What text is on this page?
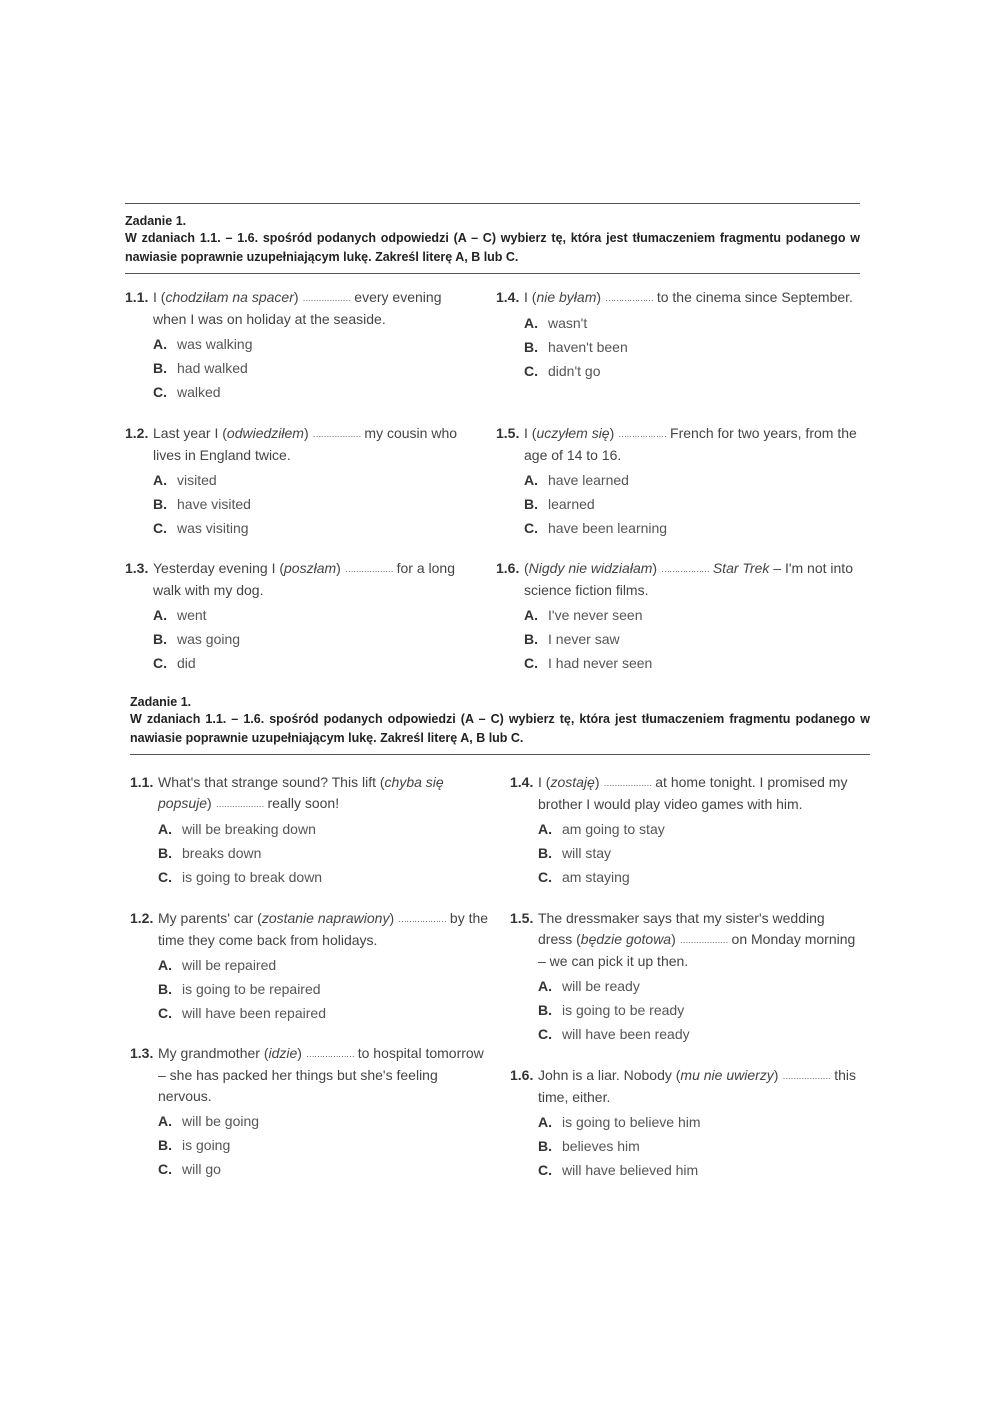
Zadanie 1.
W zdaniach 1.1. – 1.6. spośród podanych odpowiedzi (A – C) wybierz tę, która jest tłumaczeniem fragmentu podanego w nawiasie poprawnie uzupełniającym lukę. Zakreśl literę A, B lub C.
Zadanie 1.
W zdaniach 1.1. – 1.6. spośród podanych odpowiedzi (A – C) wybierz tę, która jest tłumaczeniem fragmentu podanego w nawiasie poprawnie uzupełniającym lukę. Zakreśl literę A, B lub C.
1.1. I (chodziłam na spacer) ……………… every evening when I was on holiday at the seaside.
A. was walking
B. had walked
C. walked
1.2. Last year I (odwiedziłem) ……………… my cousin who lives in England twice.
A. visited
B. have visited
C. was visiting
1.3. Yesterday evening I (poszłam) ……………… for a long walk with my dog.
A. went
B. was going
C. did
1.4. I (nie byłam) ……………… to the cinema since September.
A. wasn't
B. haven't been
C. didn't go
1.5. I (uczyłem się) ……………… French for two years, from the age of 14 to 16.
A. have learned
B. learned
C. have been learning
1.6. (Nigdy nie widziałam) ……………… Star Trek – I'm not into science fiction films.
A. I've never seen
B. I never saw
C. I had never seen
1.1. What's that strange sound? This lift (chyba się popsuje) ……………… really soon!
A. will be breaking down
B. breaks down
C. is going to break down
1.2. My parents' car (zostanie naprawiony) ……………… by the time they come back from holidays.
A. will be repaired
B. is going to be repaired
C. will have been repaired
1.3. My grandmother (idzie) ……………… to hospital tomorrow – she has packed her things but she's feeling nervous.
A. will be going
B. is going
C. will go
1.4. I (zostaję) ……………… at home tonight. I promised my brother I would play video games with him.
A. am going to stay
B. will stay
C. am staying
1.5. The dressmaker says that my sister's wedding dress (będzie gotowa) ……………… on Monday morning – we can pick it up then.
A. will be ready
B. is going to be ready
C. will have been ready
1.6. John is a liar. Nobody (mu nie uwierzy) ……………… this time, either.
A. is going to believe him
B. believes him
C. will have believed him
